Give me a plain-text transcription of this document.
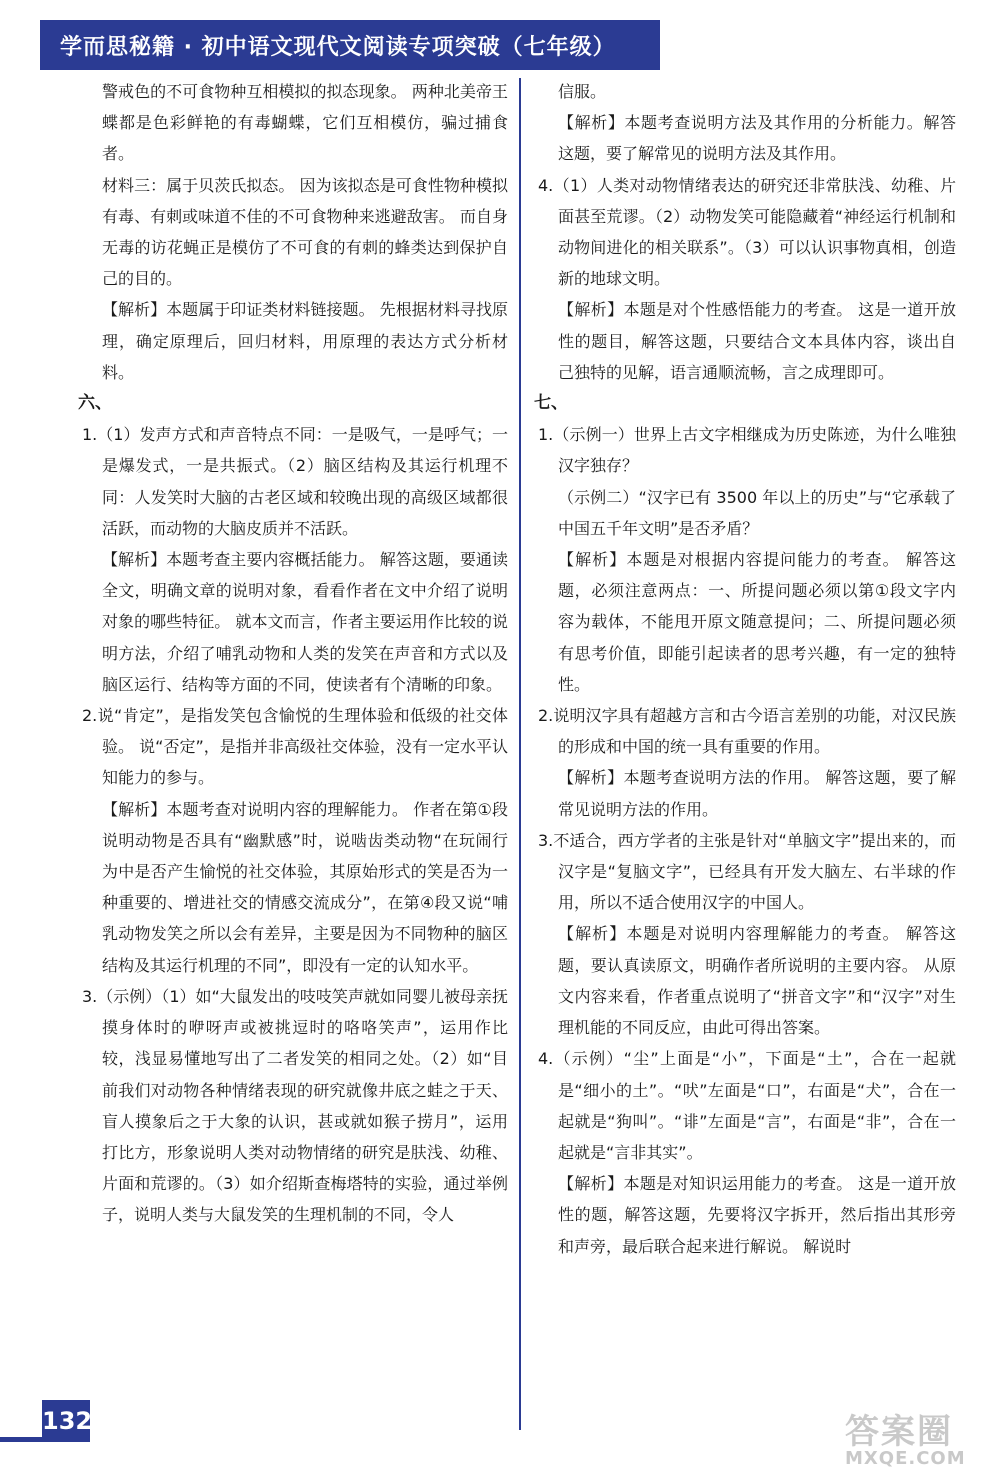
学而思秘籍 · 初中语文现代文阅读专项突破（七年级）
警戒色的不可食物种互相模拟的拟态现象。 两种北美帝王蝶都是色彩鲜艳的有毒蝴蝶，它们互相模仿，骗过捕食者。
材料三：属于贝茨氏拟态。 因为该拟态是可食性物种模拟有毒、有刺或味道不佳的不可食物种来逃避敌害。 而自身无毒的访花蝇正是模仿了不可食的有刺的蜂类达到保护自己的目的。
【解析】本题属于印证类材料链接题。 先根据材料寻找原理，确定原理后，回归材料，用原理的表达方式分析材料。
六、
1.（1）发声方式和声音特点不同：一是吸气，一是呼气；一是爆发式，一是共振式。（2）脑区结构及其运行机理不同：人发笑时大脑的古老区域和较晚出现的高级区域都很活跃，而动物的大脑皮质并不活跃。
【解析】本题考查主要内容概括能力。 解答这题，要通读全文，明确文章的说明对象，看看作者在文中介绍了说明对象的哪些特征。 就本文而言，作者主要运用作比较的说明方法，介绍了哺乳动物和人类的发笑在声音和方式以及脑区运行、结构等方面的不同，使读者有个清晰的印象。
2.说“肯定”，是指发笑包含愉悦的生理体验和低级的社交体验。 说“否定”，是指并非高级社交体验，没有一定水平认知能力的参与。
【解析】本题考查对说明内容的理解能力。 作者在第①段说明动物是否具有“幽默感”时，说啮齿类动物“在玩闹行为中是否产生愉悦的社交体验，其原始形式的笑是否为一种重要的、增进社交的情感交流成分”，在第④段又说“哺乳动物发笑之所以会有差异，主要是因为不同物种的脑区结构及其运行机理的不同”，即没有一定的认知水平。
3.（示例）（1）如“大鼠发出的吱吱笑声就如同婴儿被母亲抚摸身体时的咿呀声或被挑逗时的咯咯笑声”，运用作比较，浅显易懂地写出了二者发笑的相同之处。（2）如“目前我们对动物各种情绪表现的研究就像井底之蛙之于天、盲人摸象后之于大象的认识，甚或就如猴子捞月”，运用打比方，形象说明人类对动物情绪的研究是肤浅、幼稚、片面和荒谬的。（3）如介绍斯查梅塔特的实验，通过举例子，说明人类与大鼠发笑的生理机制的不同，令人
信服。
【解析】本题考查说明方法及其作用的分析能力。解答这题，要了解常见的说明方法及其作用。
4.（1）人类对动物情绪表达的研究还非常肤浅、幼稚、片面甚至荒谬。（2）动物发笑可能隐藏着“神经运行机制和动物间进化的相关联系”。（3）可以认识事物真相，创造新的地球文明。
【解析】本题是对个性感悟能力的考查。 这是一道开放性的题目，解答这题，只要结合文本具体内容，谈出自己独特的见解，语言通顺流畅，言之成理即可。
七、
1.（示例一）世界上古文字相继成为历史陈迹，为什么唯独汉字独存？
（示例二）“汉字已有 3500 年以上的历史”与“它承载了中国五千年文明”是否矛盾？
【解析】本题是对根据内容提问能力的考查。 解答这题，必须注意两点：一、所提问题必须以第①段文字内容为载体，不能甩开原文随意提问；二、所提问题必须有思考价值，即能引起读者的思考兴趣，有一定的独特性。
2.说明汉字具有超越方言和古今语言差别的功能，对汉民族的形成和中国的统一具有重要的作用。
【解析】本题考查说明方法的作用。 解答这题，要了解常见说明方法的作用。
3.不适合，西方学者的主张是针对“单脑文字”提出来的，而汉字是“复脑文字”，已经具有开发大脑左、右半球的作用，所以不适合使用汉字的中国人。
【解析】本题是对说明内容理解能力的考查。 解答这题，要认真读原文，明确作者所说明的主要内容。 从原文内容来看，作者重点说明了“拼音文字”和“汉字”对生理机能的不同反应，由此可得出答案。
4.（示例）“尘”上面是“小”，下面是“土”，合在一起就是“细小的土”。“吠”左面是“口”，右面是“犬”，合在一起就是“狗叫”。“诽”左面是“言”，右面是“非”，合在一起就是“言非其实”。
【解析】本题是对知识运用能力的考查。 这是一道开放性的题，解答这题，先要将汉字拆开，然后指出其形旁和声旁，最后联合起来进行解说。 解说时
132	答案圈
MXQE.COM
